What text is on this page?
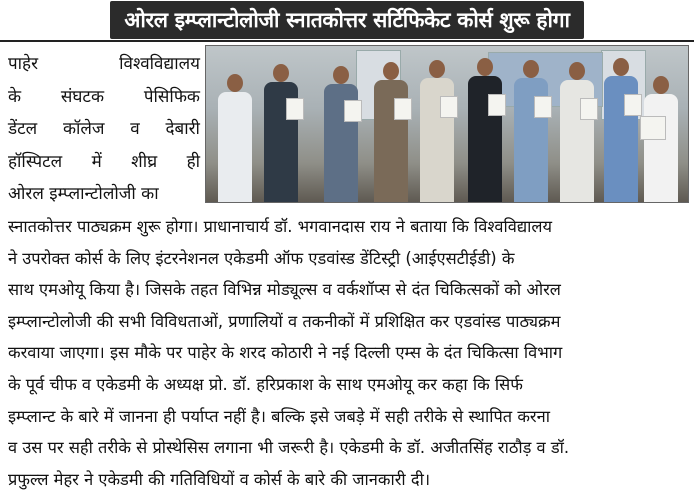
ओरल इम्प्लान्टोलोजी स्नातकोत्तर सर्टिफिकेट कोर्स शुरू होगा
पाहेर	विश्वविद्यालय
के संघटक पेसिफिक
डेंटल कॉलेज व देबारी
हॉस्पिटल में शीघ्र ही
ओरल इम्प्लान्टोलोजी का

स्नातकोत्तर पाठ्यक्रम शुरू होगा। प्राधानाचार्य डॉ. भगवानदास राय ने बताया कि विश्वविद्यालय

ने उपरोक्त कोर्स के लिए इंटरनेशनल एकेडमी ऑफ एडवांस्ड डेंटिस्ट्री (आईएसटीईडी) के

साथ एमओयू किया है। जिसके तहत विभिन्न मोड्यूल्स व वर्कशॉप्स से दंत चिकित्सकों को ओरल

इम्प्लान्टोलोजी की सभी विविधताओं, प्रणालियों व तकनीकों में प्रशिक्षित कर एडवांस्ड पाठ्यक्रम

करवाया जाएगा। इस मौके पर पाहेर के शरद कोठारी ने नई दिल्ली एम्स के दंत चिकित्सा विभाग

के पूर्व चीफ व एकेडमी के अध्यक्ष प्रो. डॉ. हरिप्रकाश के साथ एमओयू कर कहा कि सिर्फ

इम्प्लान्ट के बारे में जानना ही पर्याप्त नहीं है। बल्कि इसे जबड़े में सही तरीके से स्थापित करना

व उस पर सही तरीके से प्रोस्थेसिस लगाना भी जरूरी है। एकेडमी के डॉ. अजीतसिंह राठौड़ व डॉ.

प्रफुल्ल मेहर ने एकेडमी की गतिविधियों व कोर्स के बारे की जानकारी दी।
